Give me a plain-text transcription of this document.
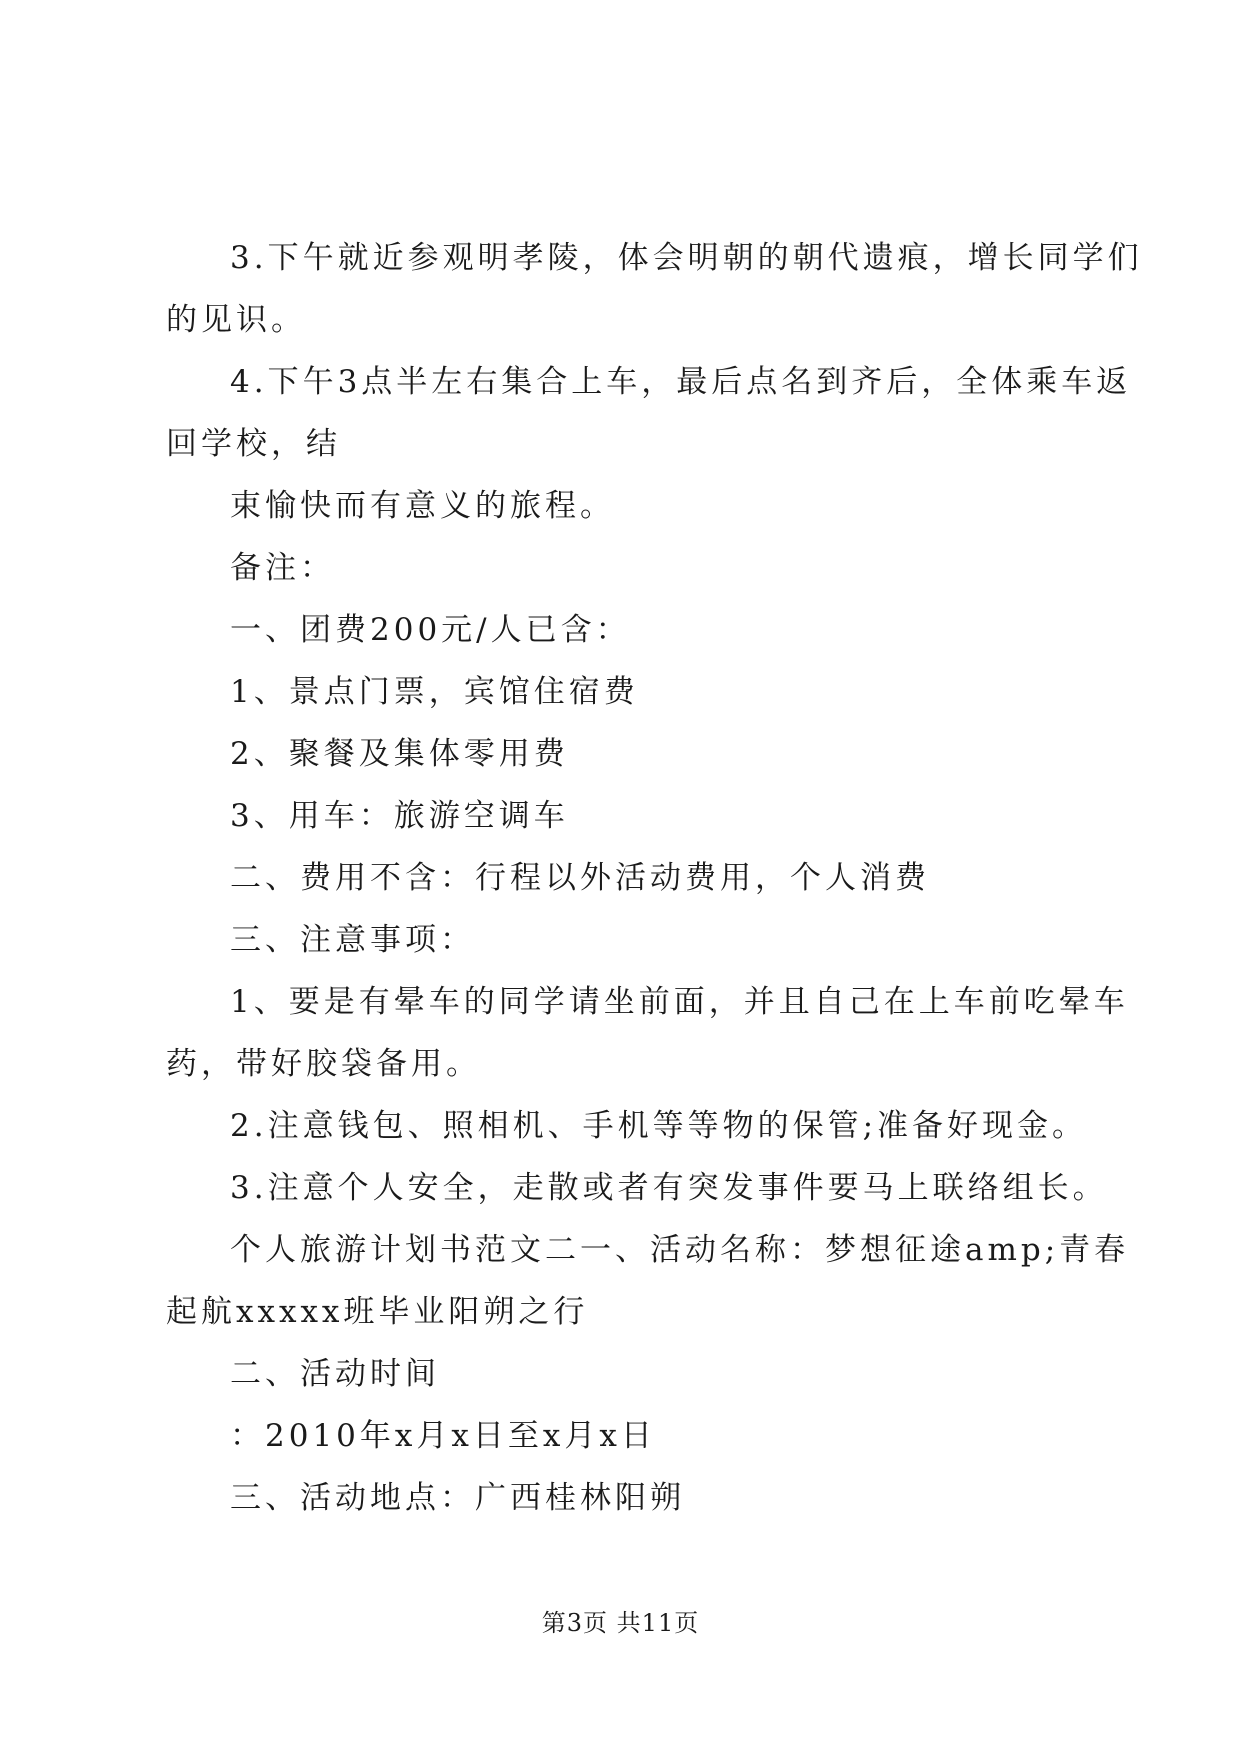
3.下午就近参观明孝陵，体会明朝的朝代遗痕，增长同学们
的见识。
4.下午3点半左右集合上车，最后点名到齐后，全体乘车返
回学校，结
束愉快而有意义的旅程。
备注：
一、团费200元/人已含：
1、景点门票，宾馆住宿费
2、聚餐及集体零用费
3、用车：旅游空调车
二、费用不含：行程以外活动费用，个人消费
三、注意事项：
1、要是有晕车的同学请坐前面，并且自己在上车前吃晕车
药，带好胶袋备用。
2.注意钱包、照相机、手机等等物的保管;准备好现金。
3.注意个人安全，走散或者有突发事件要马上联络组长。
个人旅游计划书范文二一、活动名称：梦想征途amp;青春
起航xxxxx班毕业阳朔之行
二、活动时间
：2010年x月x日至x月x日
三、活动地点：广西桂林阳朔
第3页 共11页
